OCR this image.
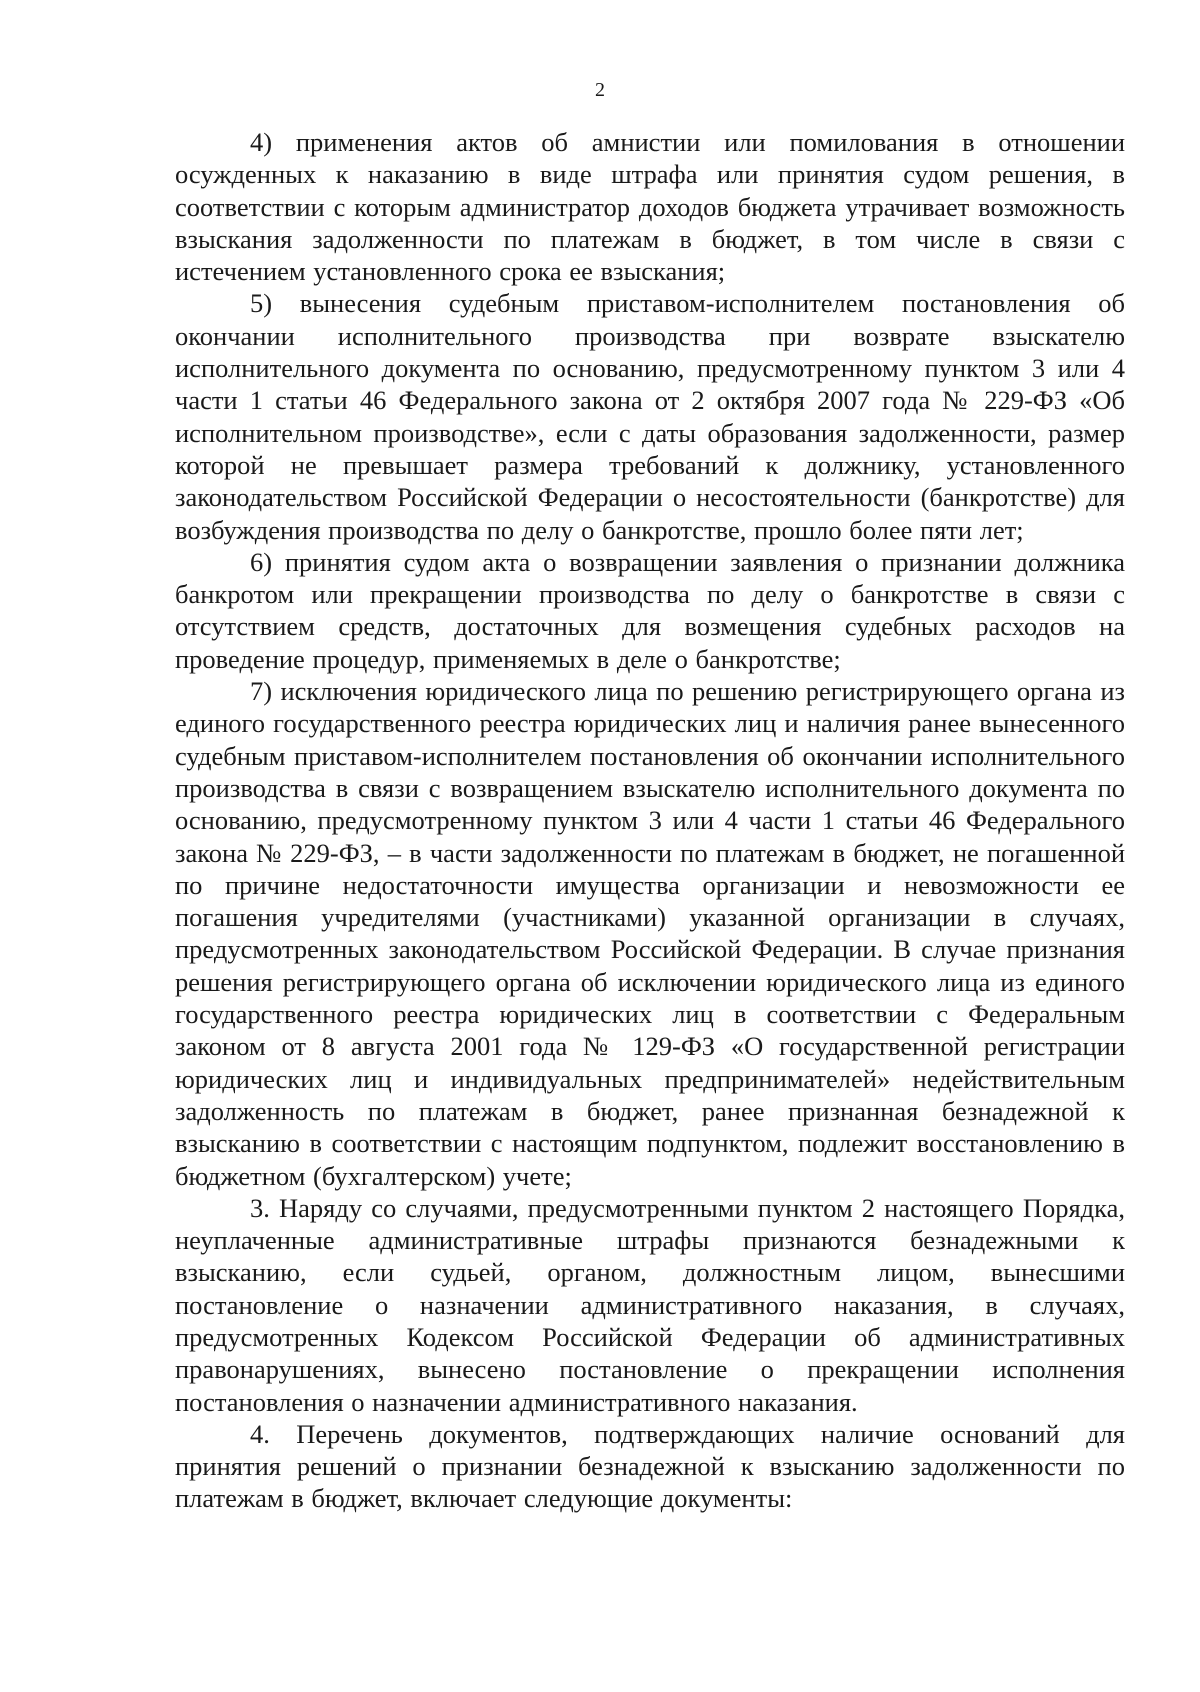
2

4) применения актов об амнистии или помилования в отношении осужденных к наказанию в виде штрафа или принятия судом решения, в соответствии с которым администратор доходов бюджета утрачивает возможность взыскания задолженности по платежам в бюджет, в том числе в связи с истечением установленного срока ее взыскания;

5) вынесения судебным приставом-исполнителем постановления об окончании исполнительного производства при возврате взыскателю исполнительного документа по основанию, предусмотренному пунктом 3 или 4 части 1 статьи 46 Федерального закона от 2 октября 2007 года № 229-ФЗ «Об исполнительном производстве», если с даты образования задолженности, размер которой не превышает размера требований к должнику, установленного законодательством Российской Федерации о несостоятельности (банкротстве) для возбуждения производства по делу о банкротстве, прошло более пяти лет;

6) принятия судом акта о возвращении заявления о признании должника банкротом или прекращении производства по делу о банкротстве в связи с отсутствием средств, достаточных для возмещения судебных расходов на проведение процедур, применяемых в деле о банкротстве;

7) исключения юридического лица по решению регистрирующего органа из единого государственного реестра юридических лиц и наличия ранее вынесенного судебным приставом-исполнителем постановления об окончании исполнительного производства в связи с возвращением взыскателю исполнительного документа по основанию, предусмотренному пунктом 3 или 4 части 1 статьи 46 Федерального закона № 229-ФЗ, – в части задолженности по платежам в бюджет, не погашенной по причине недостаточности имущества организации и невозможности ее погашения учредителями (участниками) указанной организации в случаях, предусмотренных законодательством Российской Федерации. В случае признания решения регистрирующего органа об исключении юридического лица из единого государственного реестра юридических лиц в соответствии с Федеральным законом от 8 августа 2001 года № 129-ФЗ «О государственной регистрации юридических лиц и индивидуальных предпринимателей» недействительным задолженность по платежам в бюджет, ранее признанная безнадежной к взысканию в соответствии с настоящим подпунктом, подлежит восстановлению в бюджетном (бухгалтерском) учете;

3. Наряду со случаями, предусмотренными пунктом 2 настоящего Порядка, неуплаченные административные штрафы признаются безнадежными к взысканию, если судьей, органом, должностным лицом, вынесшими постановление о назначении административного наказания, в случаях, предусмотренных Кодексом Российской Федерации об административных правонарушениях, вынесено постановление о прекращении исполнения постановления о назначении административного наказания.

4. Перечень документов, подтверждающих наличие оснований для принятия решений о признании безнадежной к взысканию задолженности по платежам в бюджет, включает следующие документы:
